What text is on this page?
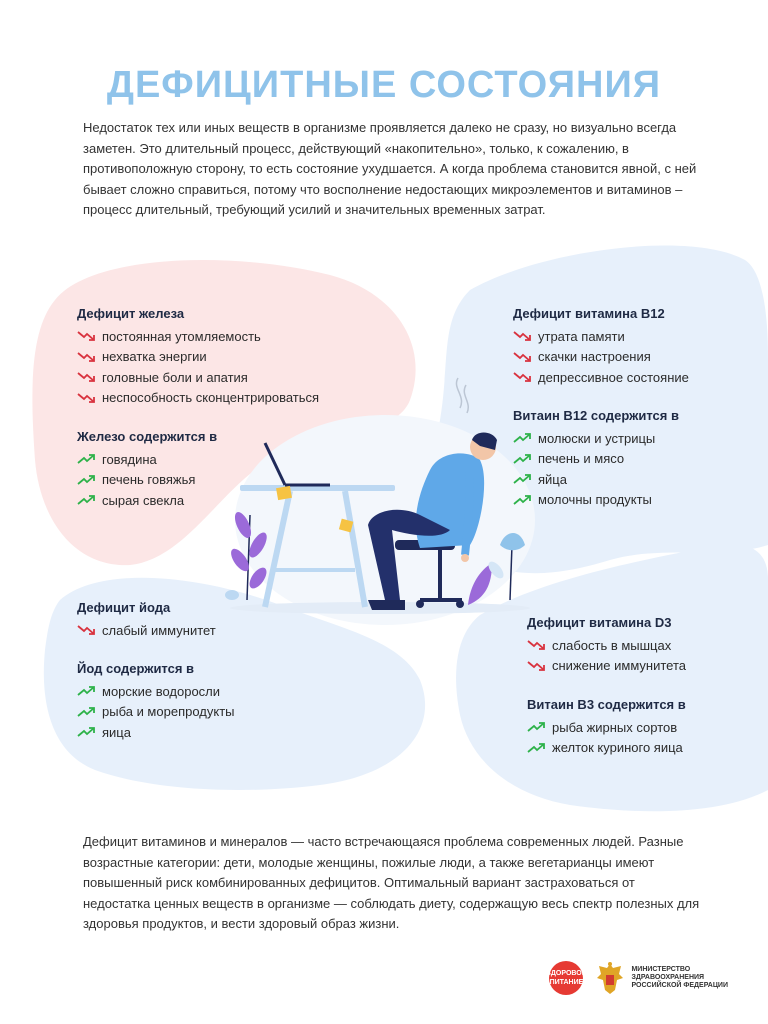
ДЕФИЦИТНЫЕ СОСТОЯНИЯ
Недостаток тех или иных веществ в организме проявляется далеко не сразу, но визуально всегда заметен. Это длительный процесс, действующий «накопительно», только, к сожалению, в противоположную сторону, то есть состояние ухудшается. А когда проблема становится явной, с ней бывает сложно справиться, потому что восполнение недостающих микроэлементов и витаминов – процесс длительный, требующий усилий и значительных временных затрат.
Дефицит железа
постоянная утомляемость
нехватка энергии
головные боли и апатия
неспособность сконцентрироваться
Железо содержится в
говядина
печень говяжья
сырая свекла
Дефицит витамина В12
утрата памяти
скачки настроения
депрессивное состояние
Витаин В12 содержится в
молюски и устрицы
печень и мясо
яйца
молочны продукты
Дефицит йода
слабый иммунитет
Йод содержится в
морские водоросли
рыба и морепродукты
яица
Дефицит витамина D3
слабость в мышцах
снижение иммунитета
Витаин В3 содержится в
рыба жирных сортов
желток куриного яица
Дефицит витаминов и минералов — часто встречающаяся проблема современных людей. Разные возрастные категории: дети, молодые женщины, пожилые люди, а также вегетарианцы имеют повышенный риск комбинированных дефицитов. Оптимальный вариант застраховаться от недостатка ценных веществ в организме — соблюдать диету, содержащую весь спектр полезных для здоровья продуктов, и вести здоровый образ жизни.
ЗДОРОВОЕ ПИТАНИЕ
МИНИСТЕРСТВО
ЗДРАВООХРАНЕНИЯ
РОССИЙСКОЙ ФЕДЕРАЦИИ
